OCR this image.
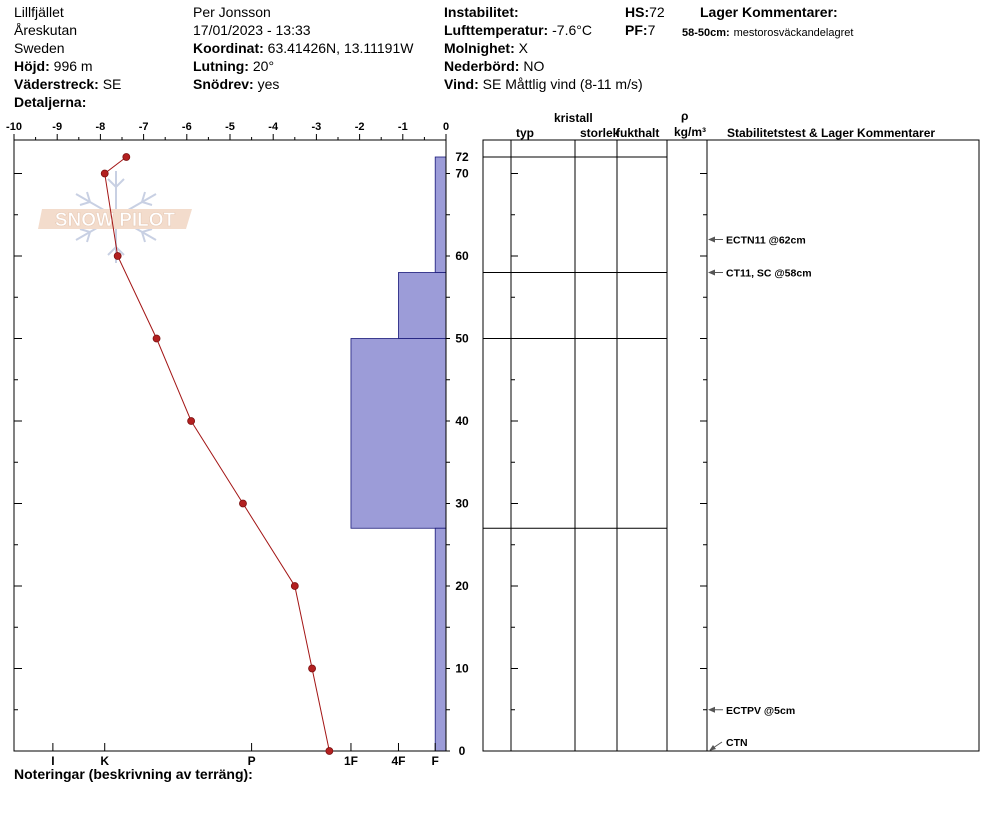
Lillfjället
Åreskutan
Sweden
Höjd: 996 m
Väderstreck: SE
Detaljerna:
Per Jonsson
17/01/2023 - 13:33
Koordinat: 63.41426N, 13.11191W
Lutning: 20°
Snödrev: yes
Instabilitet:
Lufttemperatur: -7.6°C
Molnighet: X
Nederbörd: NO
Vind: SE Måttlig vind (8-11 m/s)
HS:72
PF:7
Lager Kommentarer:
58-50cm: mestorosväckandelagret
typ
kristall
storlek
fukthalt
ρ
kg/m³ Stabilitetstest & Lager Kommentarer
Noteringar (beskrivning av terräng):
-10	-9	-8	-7	-6	-5	-4	-3	-2	-1	0
0
10
20
30
40
50
60
70
72
I	K	P	1F	4F F
SNOW PILOT
ECTN11 @62cm
CT11, SC @58cm
ECTPV @5cm
CTN
